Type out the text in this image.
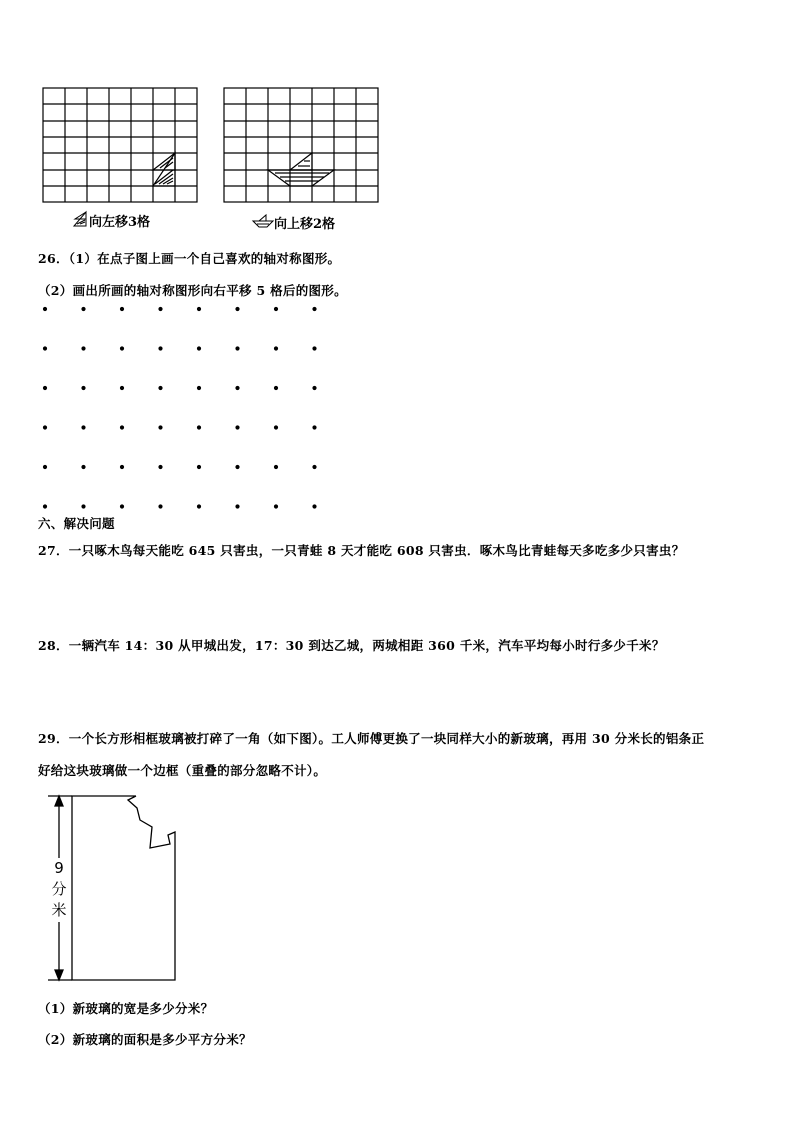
向左移3格	向上移2格
26．（1）在点子图上画一个自己喜欢的轴对称图形。
（2）画出所画的轴对称图形向右平移 5 格后的图形。
六、解决问题
27．一只啄木鸟每天能吃 645 只害虫，一只青蛙 8 天才能吃 608 只害虫．啄木鸟比青蛙每天多吃多少只害虫？
28．一辆汽车 14：30 从甲城出发，17：30 到达乙城，两城相距 360 千米，汽车平均每小时行多少千米？
29．一个长方形相框玻璃被打碎了一角（如下图）。工人师傅更换了一块同样大小的新玻璃，再用 30 分米长的铝条正
好给这块玻璃做一个边框（重叠的部分忽略不计）。
9
分
米
（1）新玻璃的宽是多少分米？
（2）新玻璃的面积是多少平方分米？
